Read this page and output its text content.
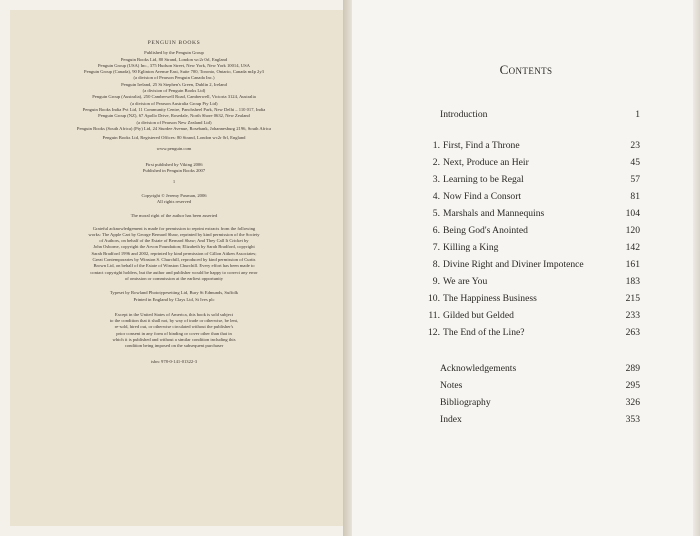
PENGUIN BOOKS
Published by the Penguin Group
Penguin Books Ltd, 80 Strand, London wc2r 0rl, England
Penguin Group (USA) Inc., 375 Hudson Street, New York, New York 10014, USA
Penguin Group (Canada), 90 Eglinton Avenue East, Suite 700, Toronto, Ontario, Canada m4p 2y3
(a division of Pearson Penguin Canada Inc.)
Penguin Ireland, 25 St Stephen's Green, Dublin 2, Ireland
(a division of Penguin Books Ltd)
Penguin Group (Australia), 250 Camberwell Road, Camberwell, Victoria 3124, Australia
(a division of Pearson Australia Group Pty Ltd)
Penguin Books India Pvt Ltd, 11 Community Centre, Panchsheel Park, New Delhi – 110 017, India
Penguin Group (NZ), 67 Apollo Drive, Rosedale, North Shore 0632, New Zealand
(a division of Pearson New Zealand Ltd)
Penguin Books (South Africa) (Pty) Ltd, 24 Sturdee Avenue, Rosebank, Johannesburg 2196, South Africa
Penguin Books Ltd, Registered Offices: 80 Strand, London wc2r 0rl, England
www.penguin.com
First published by Viking 2006
Published in Penguin Books 2007
1
Copyright © Jeremy Paxman, 2006
All rights reserved
The moral right of the author has been asserted
Grateful acknowledgement is made for permission to reprint extracts from the following
works: The Apple Cart by George Bernard Shaw, reprinted by kind permission of the Society
of Authors, on behalf of the Estate of Bernard Shaw; And They Call It Cricket by
John Osborne, copyright the Arvon Foundation; Elizabeth by Sarah Bradford, copyright
Sarah Bradford 1996 and 2002, reprinted by kind permission of Gillon Aitken Associates;
Great Contemporaries by Winston S. Churchill, reproduced by kind permission of Curtis
Brown Ltd, on behalf of the Estate of Winston Churchill. Every effort has been made to
contact copyright holders, but the author and publisher would be happy to correct any error
of omission or commission at the earliest opportunity
Typeset by Rowland Phototypesetting Ltd, Bury St Edmunds, Suffolk
Printed in England by Clays Ltd, St Ives plc
Except in the United States of America, this book is sold subject
to the condition that it shall not, by way of trade or otherwise, be lent,
re-sold, hired out, or otherwise circulated without the publisher's
prior consent in any form of binding or cover other than that in
which it is published and without a similar condition including this
condition being imposed on the subsequent purchaser
isbn: 978-0-141-01322-3
Contents
Introduction	1
1. First, Find a Throne	23
2. Next, Produce an Heir	45
3. Learning to be Regal	57
4. Now Find a Consort	81
5. Marshals and Mannequins	104
6. Being God's Anointed	120
7. Killing a King	142
8. Divine Right and Diviner Impotence	161
9. We are You	183
10. The Happiness Business	215
11. Gilded but Gelded	233
12. The End of the Line?	263
Acknowledgements	289
Notes	295
Bibliography	326
Index	353
